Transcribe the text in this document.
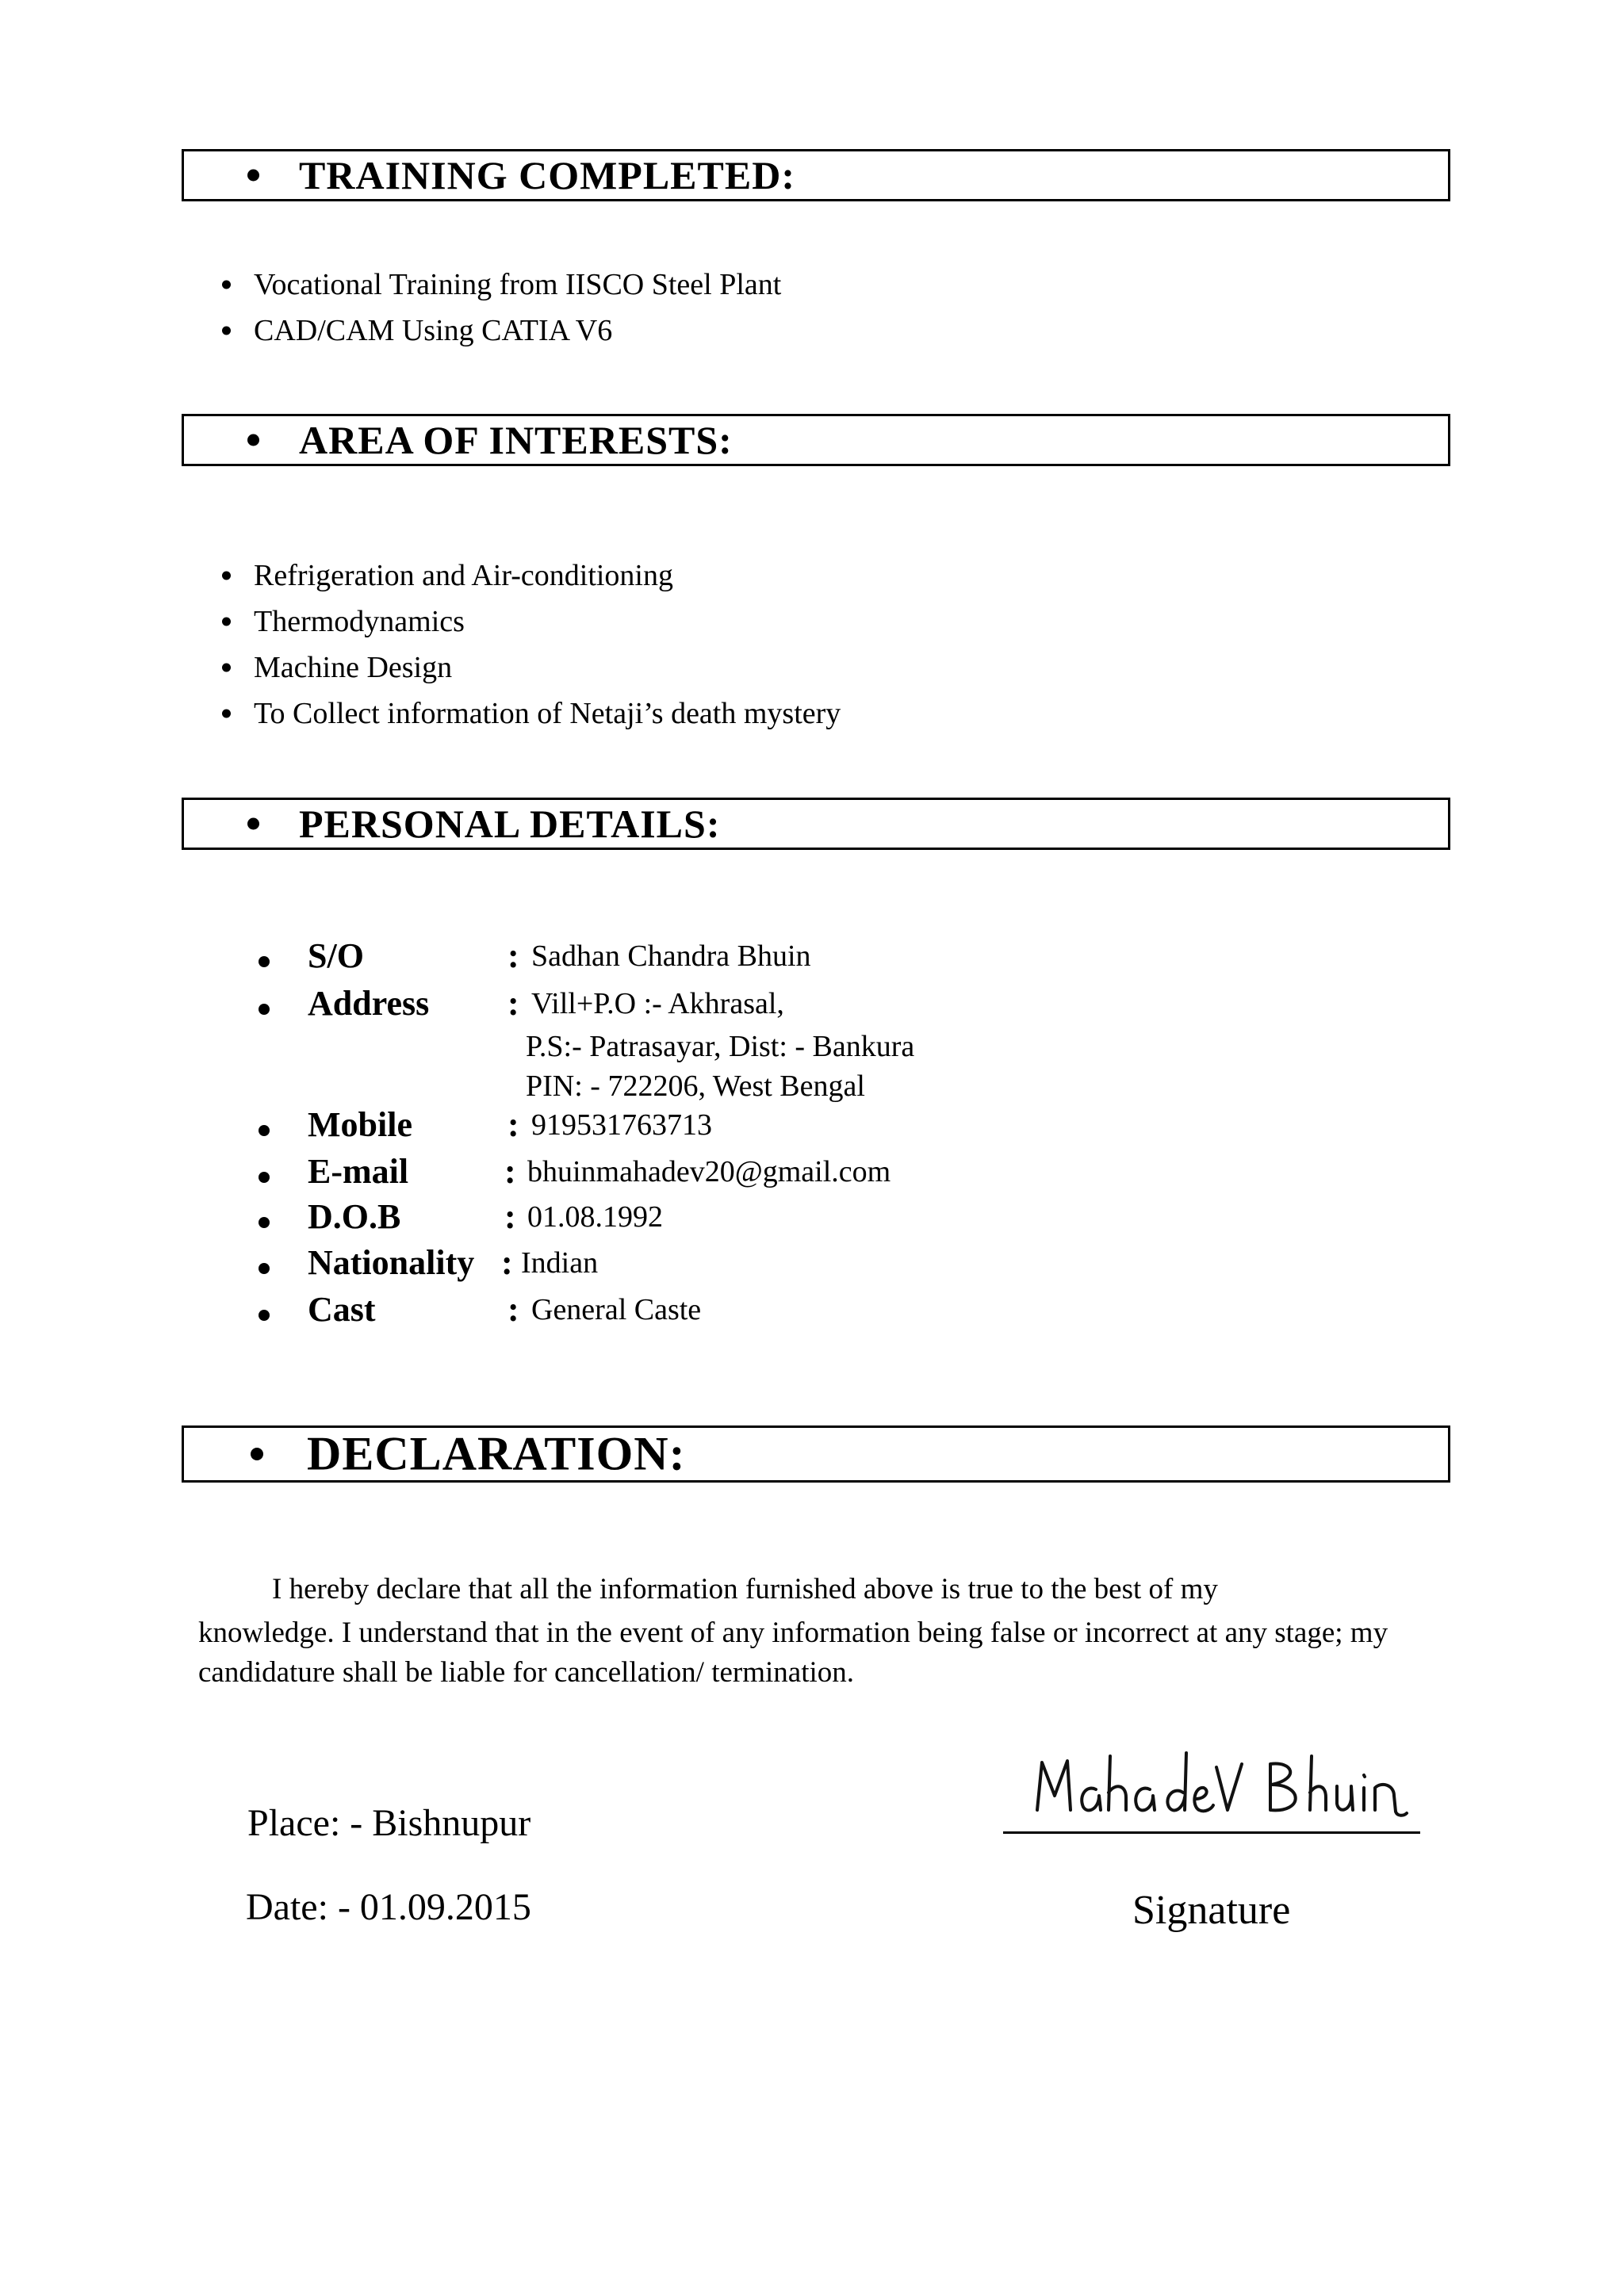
TRAINING COMPLETED:
Vocational Training from IISCO Steel Plant
CAD/CAM Using CATIA V6
AREA OF INTERESTS:
Refrigeration and Air-conditioning
Thermodynamics
Machine Design
To Collect information of Netaji’s death mystery
PERSONAL DETAILS:
S/O	: Sadhan Chandra Bhuin
Address : Vill+P.O :- Akhrasal,
P.S:- Patrasayar, Dist: - Bankura
PIN: - 722206, West Bengal
Mobile	: 919531763713
E-mail	: bhuinmahadev20@gmail.com
D.O.B	: 01.08.1992
Nationality : Indian
Cast	: General Caste
DECLARATION:
I hereby declare that all the information furnished above is true to the best of my
knowledge. I understand that in the event of any information being false or incorrect at any stage; my
candidature shall be liable for cancellation/ termination.
Place: - Bishnupur
Date: - 01.09.2015	Signature
